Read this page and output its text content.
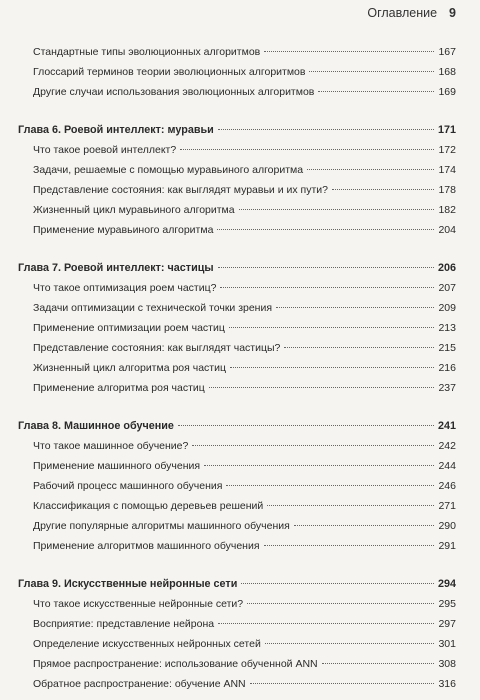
Оглавление 9
Стандартные типы эволюционных алгоритмов	167
Глоссарий терминов теории эволюционных алгоритмов	168
Другие случаи использования эволюционных алгоритмов	169
Глава 6. Роевой интеллект: муравьи	171
Что такое роевой интеллект?	172
Задачи, решаемые с помощью муравьиного алгоритма	174
Представление состояния: как выглядят муравьи и их пути?	178
Жизненный цикл муравьиного алгоритма	182
Применение муравьиного алгоритма	204
Глава 7. Роевой интеллект: частицы	206
Что такое оптимизация роем частиц?	207
Задачи оптимизации с технической точки зрения	209
Применение оптимизации роем частиц	213
Представление состояния: как выглядят частицы?	215
Жизненный цикл алгоритма роя частиц	216
Применение алгоритма роя частиц	237
Глава 8. Машинное обучение	241
Что такое машинное обучение?	242
Применение машинного обучения	244
Рабочий процесс машинного обучения	246
Классификация с помощью деревьев решений	271
Другие популярные алгоритмы машинного обучения	290
Применение алгоритмов машинного обучения	291
Глава 9. Искусственные нейронные сети	294
Что такое искусственные нейронные сети?	295
Восприятие: представление нейрона	297
Определение искусственных нейронных сетей	301
Прямое распространение: использование обученной ANN	308
Обратное распространение: обучение ANN	316
